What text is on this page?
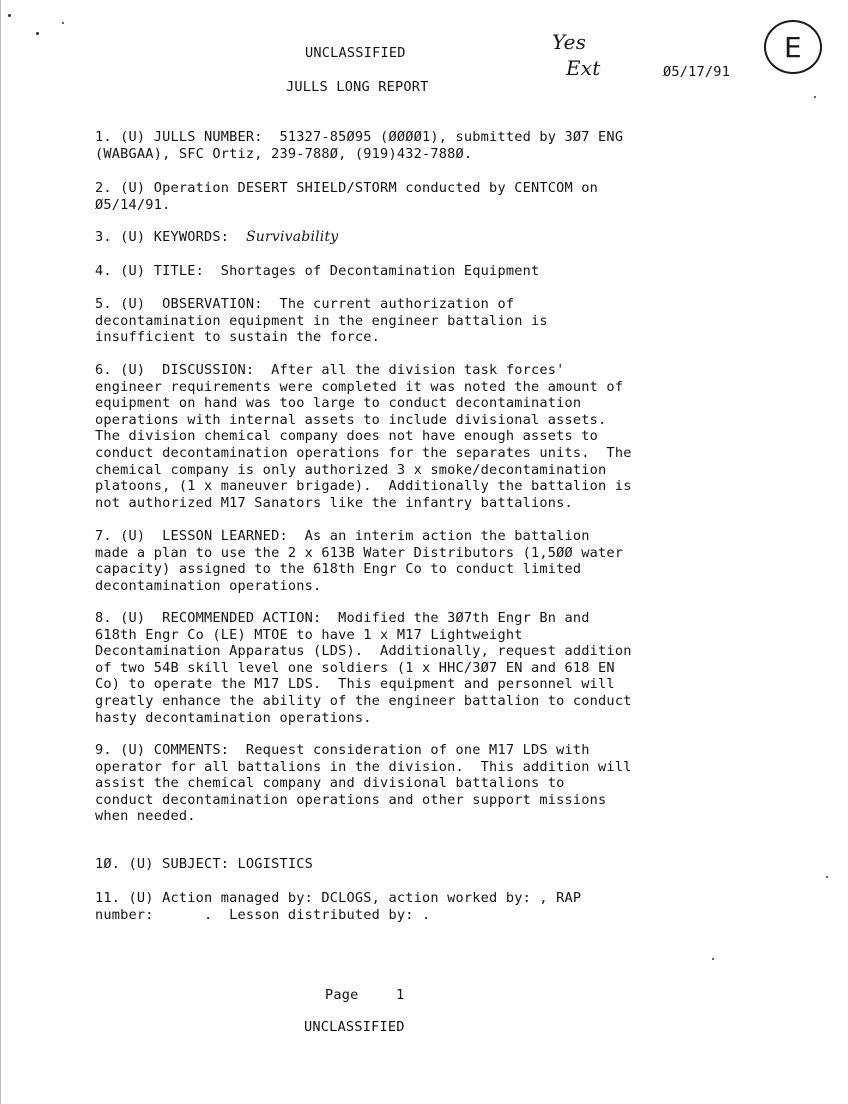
UNCLASSIFIED
JULLS LONG REPORT
Ø5/17/91
Yes
Ext
E
1. (U) JULLS NUMBER:  51327-85Ø95 (ØØØØ1), submitted by 3Ø7 ENG
(WABGAA), SFC Ortiz, 239-788Ø, (919)432-788Ø.
2. (U) Operation DESERT SHIELD/STORM conducted by CENTCOM on
Ø5/14/91.
3. (U) KEYWORDS: Survivability
4. (U) TITLE:  Shortages of Decontamination Equipment
5. (U)  OBSERVATION:  The current authorization of
decontamination equipment in the engineer battalion is
insufficient to sustain the force.
6. (U)  DISCUSSION:  After all the division task forces'
engineer requirements were completed it was noted the amount of
equipment on hand was too large to conduct decontamination
operations with internal assets to include divisional assets.
The division chemical company does not have enough assets to
conduct decontamination operations for the separates units.  The
chemical company is only authorized 3 x smoke/decontamination
platoons, (1 x maneuver brigade).  Additionally the battalion is
not authorized M17 Sanators like the infantry battalions.
7. (U)  LESSON LEARNED:  As an interim action the battalion
made a plan to use the 2 x 613B Water Distributors (1,5ØØ water
capacity) assigned to the 618th Engr Co to conduct limited
decontamination operations.
8. (U)  RECOMMENDED ACTION:  Modified the 3Ø7th Engr Bn and
618th Engr Co (LE) MTOE to have 1 x M17 Lightweight
Decontamination Apparatus (LDS).  Additionally, request addition
of two 54B skill level one soldiers (1 x HHC/3Ø7 EN and 618 EN
Co) to operate the M17 LDS.  This equipment and personnel will
greatly enhance the ability of the engineer battalion to conduct
hasty decontamination operations.
9. (U) COMMENTS:  Request consideration of one M17 LDS with
operator for all battalions in the division.  This addition will
assist the chemical company and divisional battalions to
conduct decontamination operations and other support missions
when needed.
1Ø. (U) SUBJECT: LOGISTICS
11. (U) Action managed by: DCLOGS, action worked by: , RAP
number:      .  Lesson distributed by: .
Page	1
UNCLASSIFIED
